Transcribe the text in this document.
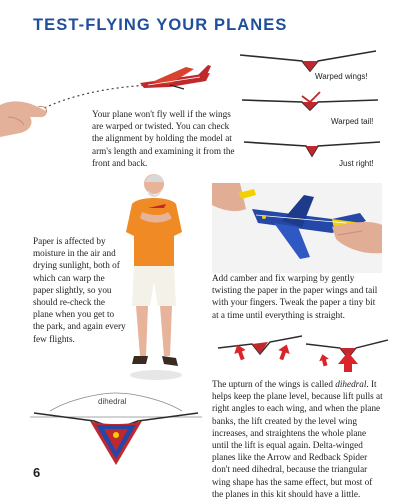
TEST-FLYING YOUR PLANES
Warped wings!
Warped tail!
Just right!

Your plane won't fly well if the wings are warped or twisted. You can check the alignment by holding the model at arm's length and examining it from the front and back.

Paper is affected by moisture in the air and drying sunlight, both of which can warp the paper slightly, so you should re-check the plane when you get to the park, and again every few flights.

Add camber and fix warping by gently twisting the paper in the paper wings and tail with your fingers. Tweak the paper a tiny bit at a time until everything is straight.

The upturn of the wings is called dihedral. It helps keep the plane level, because lift pulls at right angles to each wing, and when the plane banks, the lift created by the level wing increases, and straightens the whole plane until the lift is equal again. Delta-winged planes like the Arrow and Redback Spider don't need dihedral, because the triangular wing shape has the same effect, but most of the planes in this kit should have a little.

dihedral
6
